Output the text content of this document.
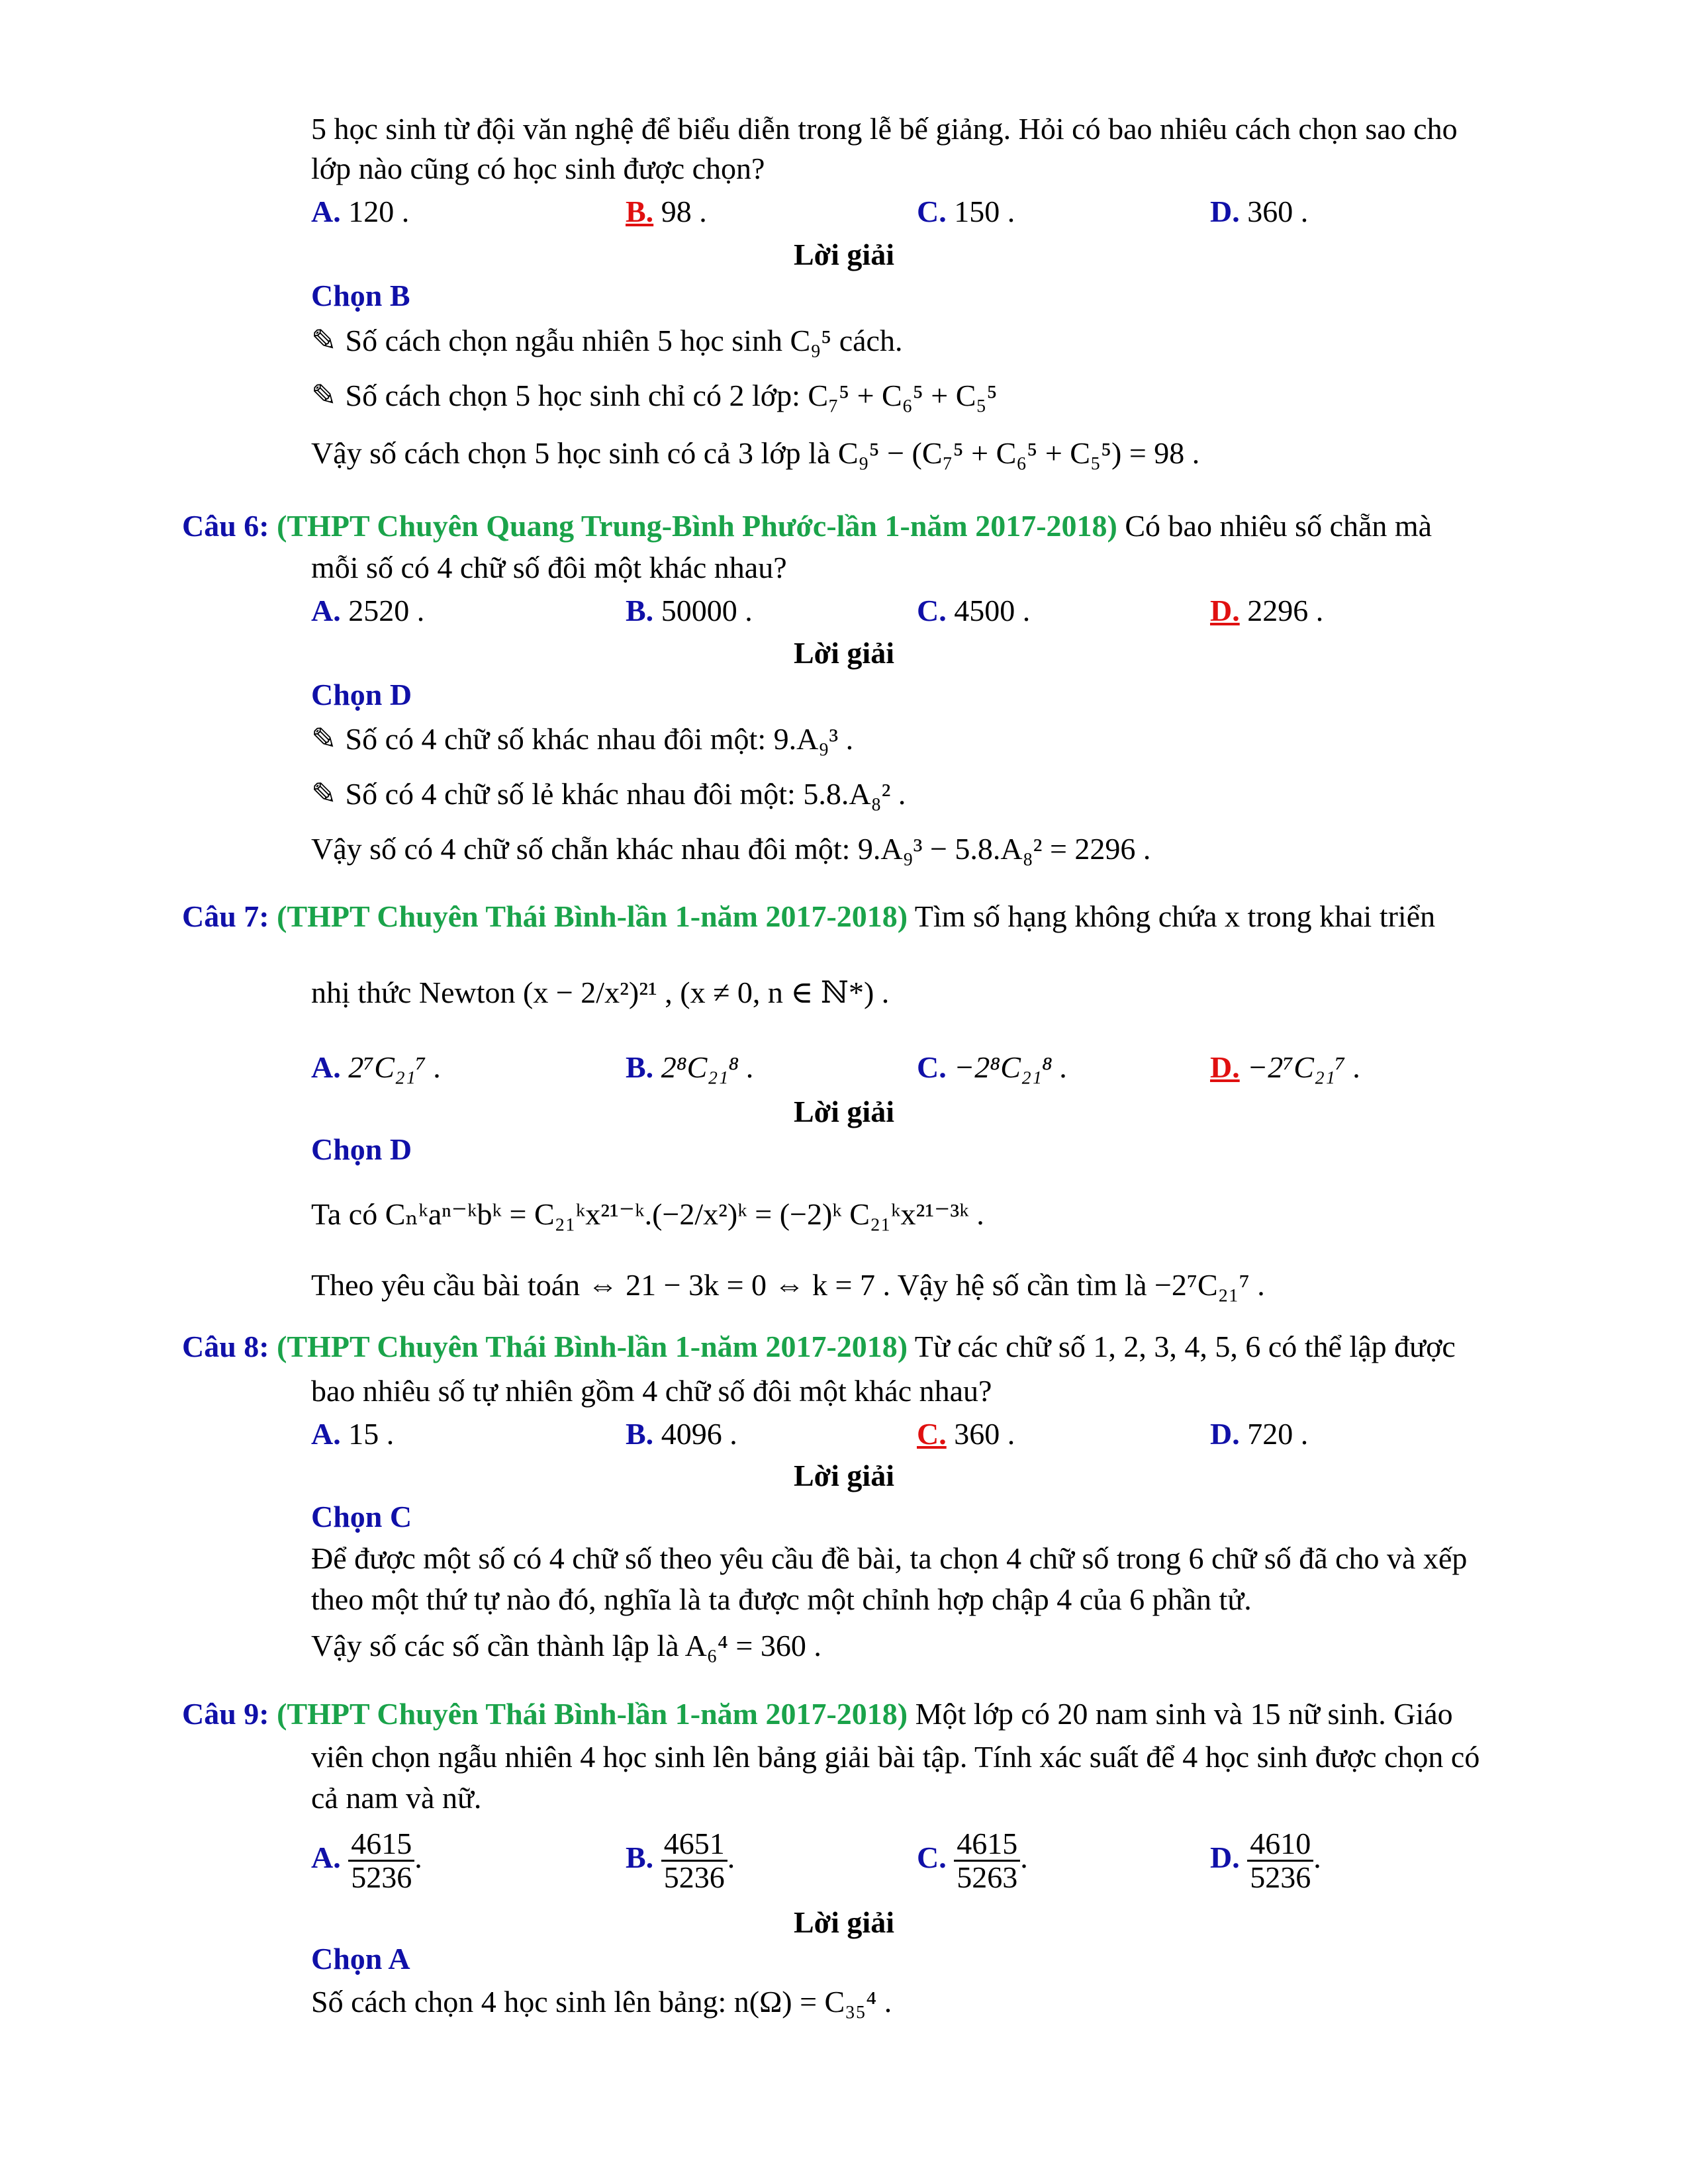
5 học sinh từ đội văn nghệ để biểu diễn trong lễ bế giảng. Hỏi có bao nhiêu cách chọn sao cho
lớp nào cũng có học sinh được chọn?
A. 120 .	B. 98 .	C. 150 .	D. 360 .
Lời giải
Chọn B
✎ Số cách chọn ngẫu nhiên 5 học sinh C₉⁵ cách.
✎ Số cách chọn 5 học sinh chỉ có 2 lớp: C₇⁵ + C₆⁵ + C₅⁵
Vậy số cách chọn 5 học sinh có cả 3 lớp là C₉⁵ − (C₇⁵ + C₆⁵ + C₅⁵) = 98 .
Câu 6: (THPT Chuyên Quang Trung-Bình Phước-lần 1-năm 2017-2018) Có bao nhiêu số chẵn mà
mỗi số có 4 chữ số đôi một khác nhau?
A. 2520 .	B. 50000 .	C. 4500 .	D. 2296 .
Lời giải
Chọn D
✎ Số có 4 chữ số khác nhau đôi một: 9.A₉³ .
✎ Số có 4 chữ số lẻ khác nhau đôi một: 5.8.A₈² .
Vậy số có 4 chữ số chẵn khác nhau đôi một: 9.A₉³ − 5.8.A₈² = 2296 .
Câu 7: (THPT Chuyên Thái Bình-lần 1-năm 2017-2018) Tìm số hạng không chứa x trong khai triển
nhị thức Newton (x − 2/x²)²¹ , (x ≠ 0, n ∈ ℕ*) .
A. 2⁷C₂₁⁷ .	B. 2⁸C₂₁⁸ .	C. −2⁸C₂₁⁸ .	D. −2⁷C₂₁⁷ .
Lời giải
Chọn D
Ta có Cₙᵏaⁿ⁻ᵏbᵏ = C₂₁ᵏx²¹⁻ᵏ.(−2/x²)ᵏ = (−2)ᵏ C₂₁ᵏx²¹⁻³ᵏ .
Theo yêu cầu bài toán ⇔ 21 − 3k = 0 ⇔ k = 7 . Vậy hệ số cần tìm là −2⁷C₂₁⁷ .
Câu 8: (THPT Chuyên Thái Bình-lần 1-năm 2017-2018) Từ các chữ số 1, 2, 3, 4, 5, 6 có thể lập được
bao nhiêu số tự nhiên gồm 4 chữ số đôi một khác nhau?
A. 15 .	B. 4096 .	C. 360 .	D. 720 .
Lời giải
Chọn C
Để được một số có 4 chữ số theo yêu cầu đề bài, ta chọn 4 chữ số trong 6 chữ số đã cho và xếp
theo một thứ tự nào đó, nghĩa là ta được một chỉnh hợp chập 4 của 6 phần tử.
Vậy số các số cần thành lập là A₆⁴ = 360 .
Câu 9: (THPT Chuyên Thái Bình-lần 1-năm 2017-2018) Một lớp có 20 nam sinh và 15 nữ sinh. Giáo
viên chọn ngẫu nhiên 4 học sinh lên bảng giải bài tập. Tính xác suất để 4 học sinh được chọn có
cả nam và nữ.
A. $\frac{4615}{5236}$ .	B. $\frac{4651}{5236}$ .	C. $\frac{4615}{5263}$ .	D. $\frac{4610}{5236}$ .
Lời giải
Chọn A
Số cách chọn 4 học sinh lên bảng: n(Ω) = C₃₅⁴ .
